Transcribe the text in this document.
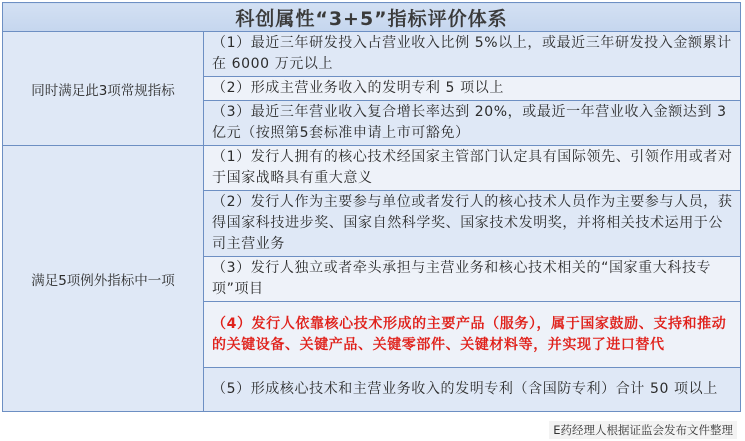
科创属性“3+5”指标评价体系	
同时满足此3项常规指标	（1）最近三年研发投入占营业收入比例 5%以上，或最近三年研发投入金额累计在 6000 万元以上
	（2）形成主营业务收入的发明专利 5 项以上
	（3）最近三年营业收入复合增长率达到 20%，或最近一年营业收入金额达到 3 亿元（按照第5套标准申请上市可豁免）
满足5项例外指标中一项	（1）发行人拥有的核心技术经国家主管部门认定具有国际领先、引领作用或者对于国家战略具有重大意义
	（2）发行人作为主要参与单位或者发行人的核心技术人员作为主要参与人员，获得国家科技进步奖、国家自然科学奖、国家技术发明奖，并将相关技术运用于公司主营业务
	（3）发行人独立或者牵头承担与主营业务和核心技术相关的“国家重大科技专项”项目
	（4）发行人依靠核心技术形成的主要产品（服务），属于国家鼓励、支持和推动的关键设备、关键产品、关键零部件、关键材料等，并实现了进口替代
	（5）形成核心技术和主营业务收入的发明专利（含国防专利）合计 50 项以上
E药经理人根据证监会发布文件整理
